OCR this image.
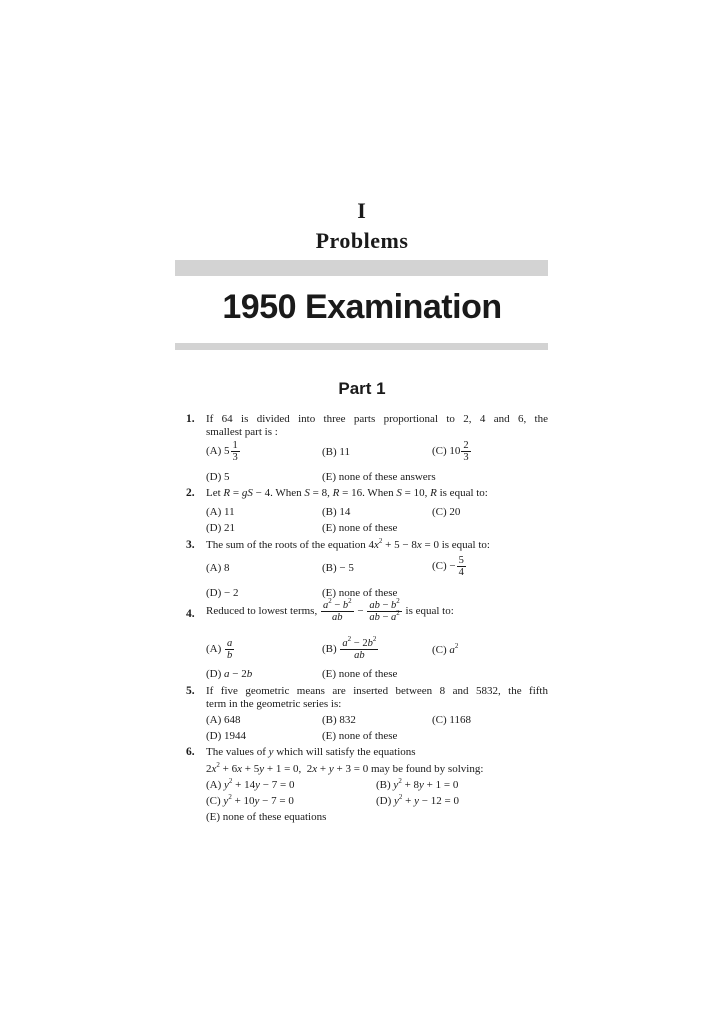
I
Problems
1950 Examination
Part 1
1. If 64 is divided into three parts proportional to 2, 4 and 6, the
smallest part is :
(A) $5 \frac{1}{3}$	(B) 11	(C) $10 \frac{2}{3}$
(D) 5	(E) none of these answers
2. Let R = gS − 4. When S = 8, R = 16. When S = 10, R is equal to:
(A) 11	(B) 14	(C) 20
(D) 21	(E) none of these
3. The sum of the roots of the equation $4x^2 + 5 - 8x = 0$ is equal to:
(A) 8	(B) − 5	$(C) - \frac{5}{4}$
(D) − 2	(E) none of these
4. Reduced to lowest terms, $\frac{a^2 - b^2}{ab} - \frac{ab - b^2}{ab - a^2}$ is equal to:
$(A) \frac{a}{b}$	$(B) \frac{a^2 - 2b^2}{ab}$	(C) $a^2$
(D) a − 2b	(E) none of these
5. If five geometric means are inserted between 8 and 5832, the fifth
term in the geometric series is:
(A) 648	(B) 832	(C) 1168
(D) 1944	(E) none of these
6. The values of y which will satisfy the equations
$2x^2 + 6x + 5y + 1 = 0$,  2x + y + 3 = 0 may be found by solving:
(A) $y^2 + 14y - 7 = 0$	(B) $y^2 + 8y + 1 = 0$
(C) $y^2 + 10y - 7 = 0$	(D) $y^2 + y - 12 = 0$
(E) none of these equations
